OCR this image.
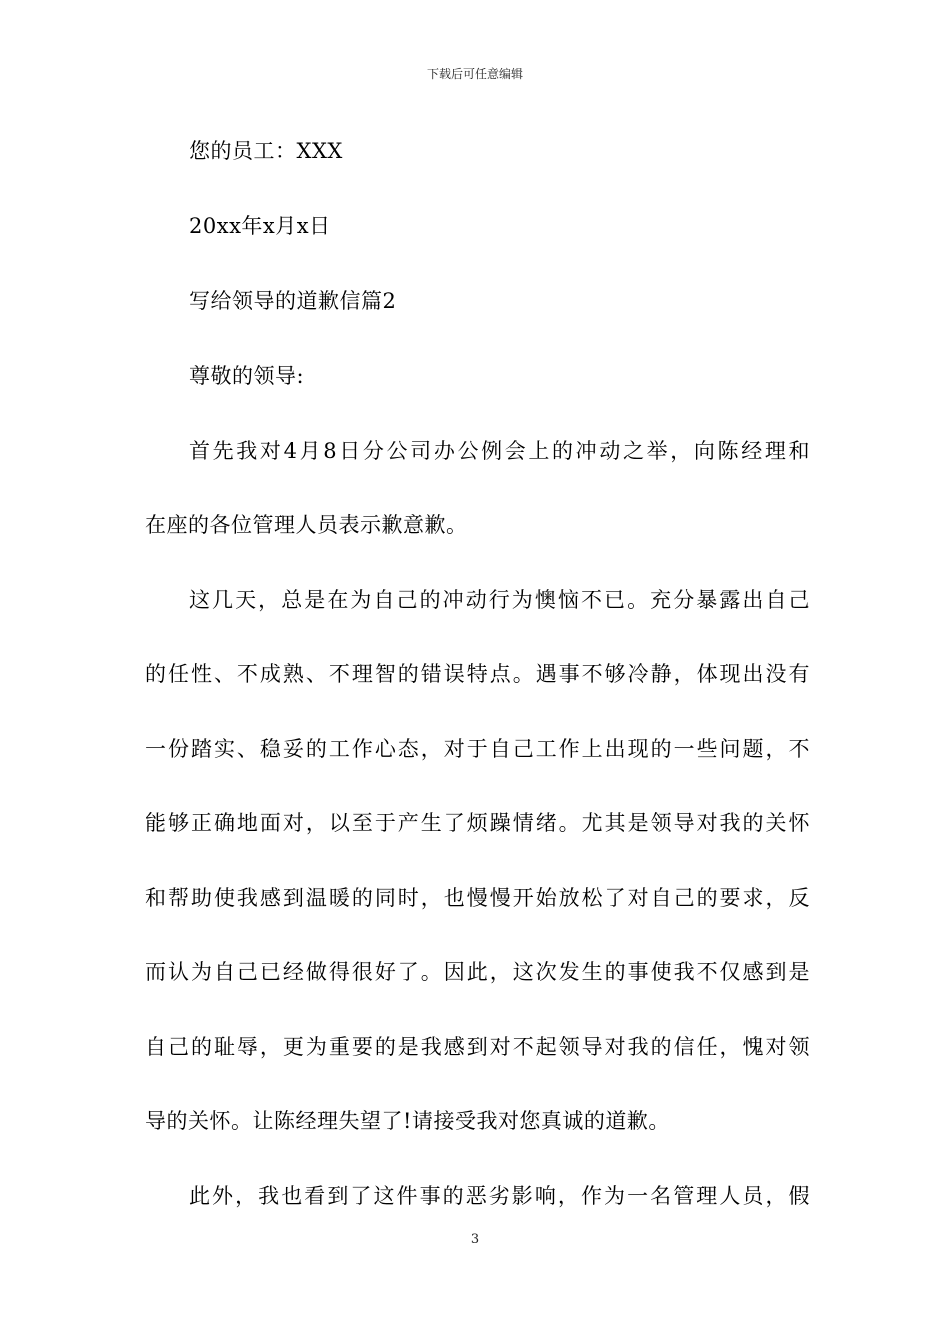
下载后可任意编辑
您的员工：XXX
20xx年x月x日
写给领导的道歉信篇2
尊敬的领导:
首先我对4月8日分公司办公例会上的冲动之举，向陈经理和
在座的各位管理人员表示歉意歉。
这几天，总是在为自己的冲动行为懊恼不已。充分暴露出自己
的任性、不成熟、不理智的错误特点。遇事不够冷静，体现出没有
一份踏实、稳妥的工作心态，对于自己工作上出现的一些问题，不
能够正确地面对，以至于产生了烦躁情绪。尤其是领导对我的关怀
和帮助使我感到温暖的同时，也慢慢开始放松了对自己的要求，反
而认为自己已经做得很好了。因此，这次发生的事使我不仅感到是
自己的耻辱，更为重要的是我感到对不起领导对我的信任，愧对领
导的关怀。让陈经理失望了!请接受我对您真诚的道歉。
此外，我也看到了这件事的恶劣影响，作为一名管理人员，假
3
